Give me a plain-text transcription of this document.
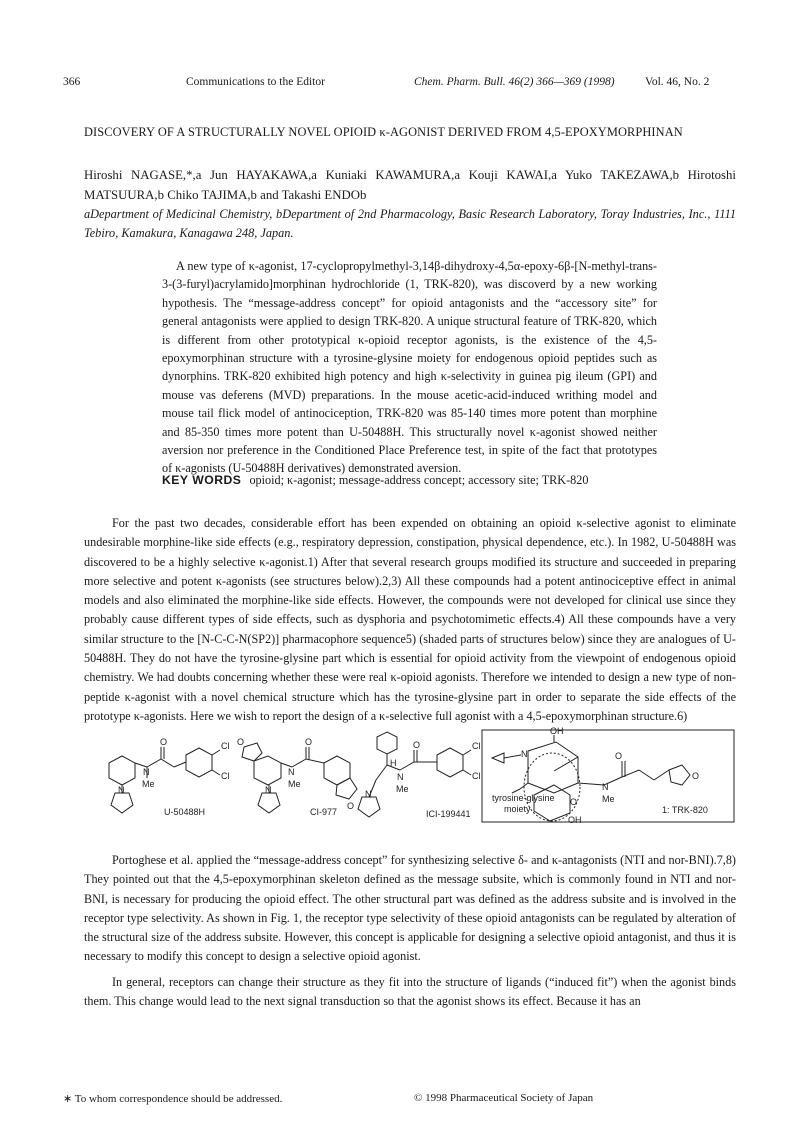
366	Communications to the Editor	Chem. Pharm. Bull. 46(2) 366—369 (1998)	Vol. 46, No. 2
DISCOVERY OF A STRUCTURALLY NOVEL OPIOID κ-AGONIST DERIVED FROM 4,5-EPOXYMORPHINAN
Hiroshi NAGASE,*,a Jun HAYAKAWA,a Kuniaki KAWAMURA,a Kouji KAWAI,a Yuko TAKEZAWA,b Hirotoshi MATSUURA,b Chiko TAJIMA,b and Takashi ENDOb
aDepartment of Medicinal Chemistry, bDepartment of 2nd Pharmacology, Basic Research Laboratory, Toray Industries, Inc., 1111 Tebiro, Kamakura, Kanagawa 248, Japan.

A new type of κ-agonist, 17-cyclopropylmethyl-3,14β-dihydroxy-4,5α-epoxy-6β-[N-methyl-trans-3-(3-furyl)acrylamido]morphinan hydrochloride (1, TRK-820), was discoverd by a new working hypothesis. The “message-address concept” for opioid antagonists and the “accessory site” for general antagonists were applied to design TRK-820. A unique structural feature of TRK-820, which is different from other prototypical κ-opioid receptor agonists, is the existence of the 4,5-epoxymorphinan structure with a tyrosine-glysine moiety for endogenous opioid peptides such as dynorphins. TRK-820 exhibited high potency and high κ-selectivity in guinea pig ileum (GPI) and mouse vas deferens (MVD) preparations. In the mouse acetic-acid-induced writhing model and mouse tail flick model of antinociception, TRK-820 was 85-140 times more potent than morphine and 85-350 times more potent than U-50488H. This structurally novel κ-agonist showed neither aversion nor preference in the Conditioned Place Preference test, in spite of the fact that prototypes of κ-agonists (U-50488H derivatives) demonstrated aversion.

KEY WORDS opioid; κ-agonist; message-address concept; accessory site; TRK-820

For the past two decades, considerable effort has been expended on obtaining an opioid κ-selective agonist to eliminate undesirable morphine-like side effects (e.g., respiratory depression, constipation, physical dependence, etc.). In 1982, U-50488H was discovered to be a highly selective κ-agonist.1) After that several research groups modified its structure and succeeded in preparing more selective and potent κ-agonists (see structures below).2,3) All these compounds had a potent antinociceptive effect in animal models and also eliminated the morphine-like side effects. However, the compounds were not developed for clinical use since they probably cause different types of side effects, such as dysphoria and psychotomimetic effects.4) All these compounds have a very similar structure to the [N-C-C-N(SP2)] pharmacophore sequence5) (shaded parts of structures below) since they are analogues of U-50488H. They do not have the tyrosine-glysine part which is essential for opioid activity from the viewpoint of endogenous opioid chemistry. We had doubts concerning whether these were real κ-opioid agonists. Therefore we intended to design a new type of non-peptide κ-agonist with a novel chemical structure which has the tyrosine-glysine part in order to separate the side effects of the prototype κ-agonists. Here we wish to report the design of a κ-selective full agonist with a 4,5-epoxymorphinan structure.6)

Cl
Cl
O
N
Me
N
U-50488H
O	O
N
Me
N
O
CI-977
H
O
N
Me
N
Cl
Cl
ICI-199441
N
OH
O
O
N
Me
O
OH
tyrosine-glysine
moiety	1: TRK-820

Portoghese et al. applied the “message-address concept” for synthesizing selective δ- and κ-antagonists (NTI and nor-BNI).7,8) They pointed out that the 4,5-epoxymorphinan skeleton defined as the message subsite, which is commonly found in NTI and nor-BNI, is necessary for producing the opioid effect. The other structural part was defined as the address subsite and is involved in the receptor type selectivity. As shown in Fig. 1, the receptor type selectivity of these opioid antagonists can be regulated by alteration of the structural size of the address subsite. However, this concept is applicable for designing a selective opioid antagonist, and thus it is necessary to modify this concept to design a selective opioid agonist.

In general, receptors can change their structure as they fit into the structure of ligands (“induced fit”) when the agonist binds them. This change would lead to the next signal transduction so that the agonist shows its effect. Because it has an

∗ To whom correspondence should be addressed.	© 1998 Pharmaceutical Society of Japan
